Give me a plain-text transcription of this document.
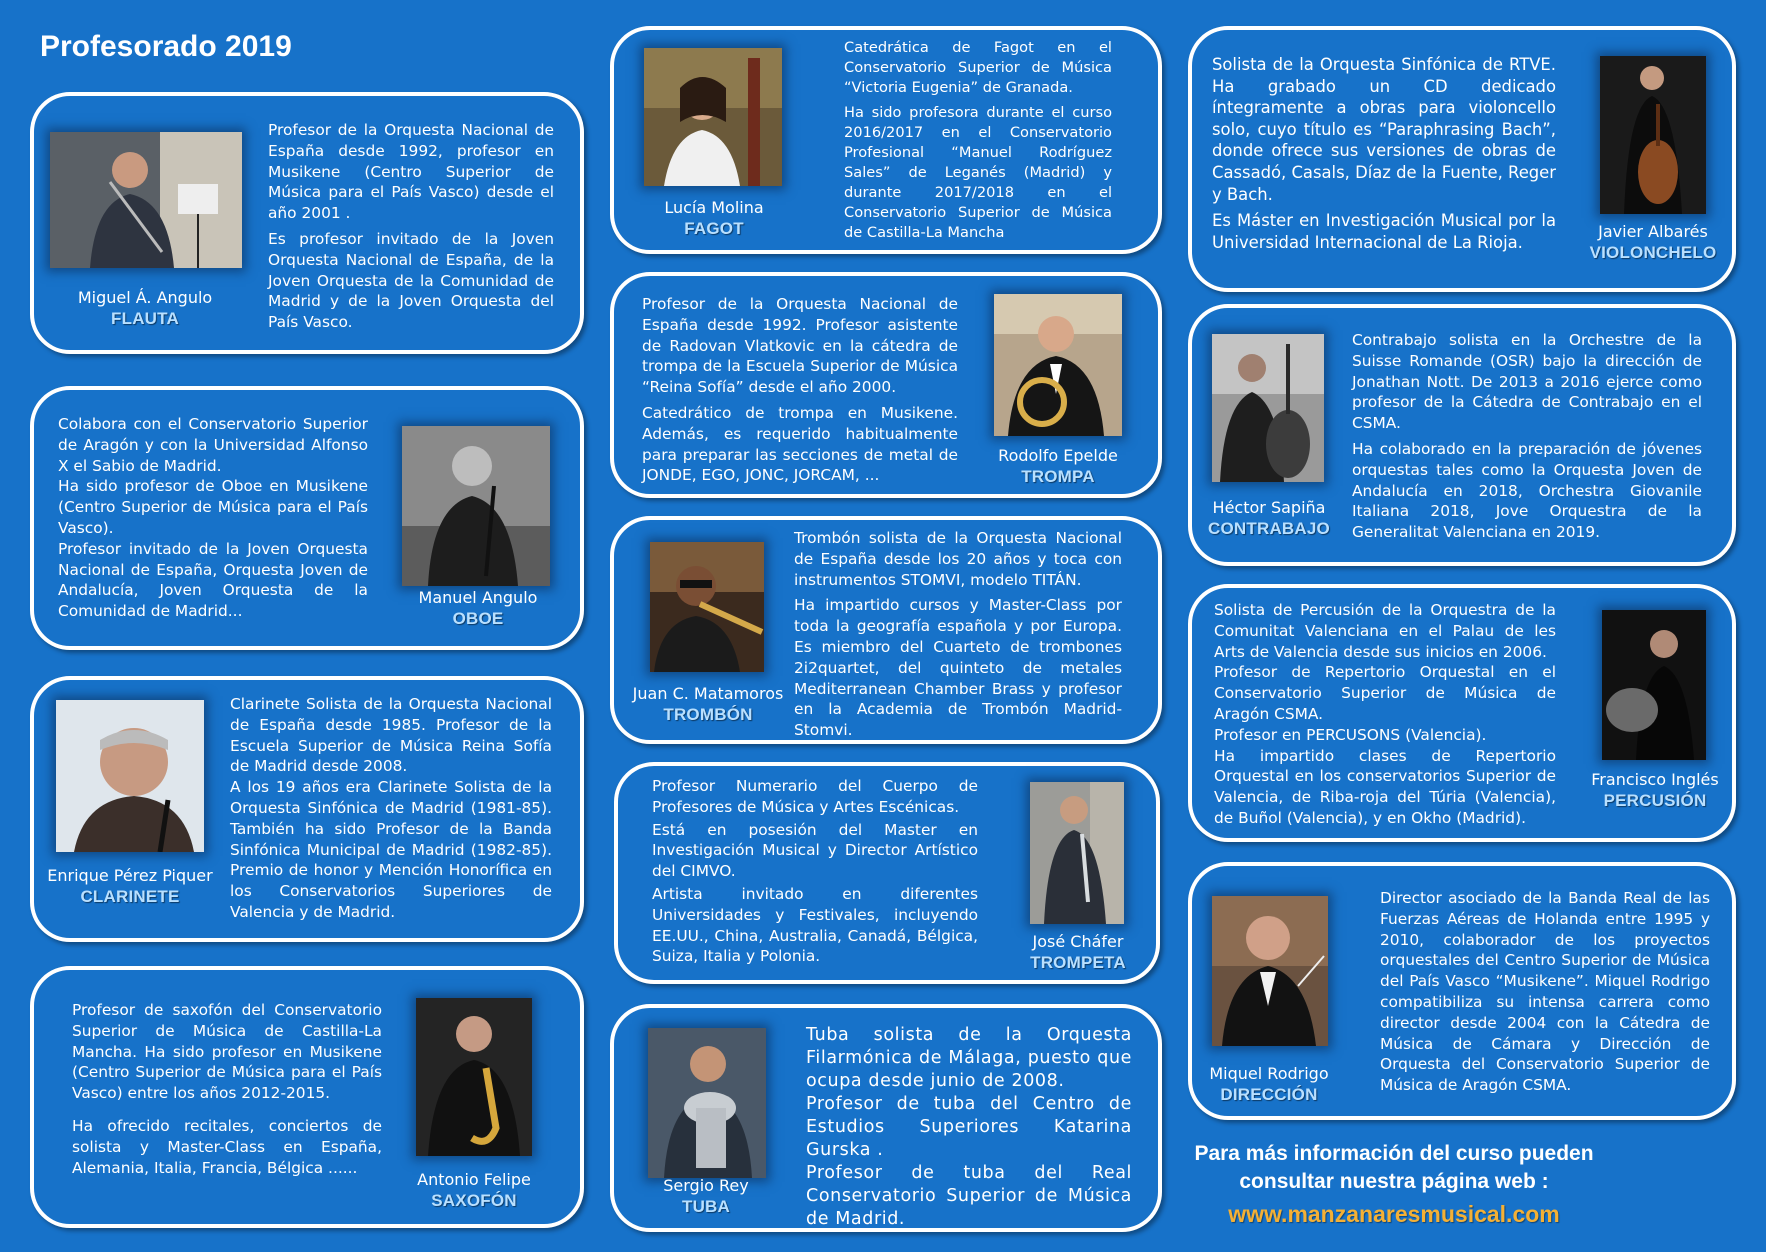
Profesorado 2019
Miguel Á. Angulo
FLAUTA

Profesor de la Orquesta Nacional de España desde 1992, profesor en Musikene (Centro Superior de Música para el País Vasco) desde el año 2001 .

Es profesor invitado de la Joven Orquesta Nacional de España, de la Joven Orquesta de la Comunidad de Madrid y de la Joven Orquesta del País Vasco.

Colabora con el Conservatorio Superior de Aragón y con la Universidad Alfonso X el Sabio de Madrid.

Ha sido profesor de Oboe en Musikene (Centro Superior de Música para el País Vasco).

Profesor invitado de la Joven Orquesta Nacional de España, Orquesta Joven de Andalucía, Joven Orquesta de la Comunidad de Madrid...

Manuel Angulo
OBOE
Enrique Pérez Piquer
CLARINETE

Clarinete Solista de la Orquesta Nacional de España desde 1985. Profesor de la Escuela Superior de Música Reina Sofía de Madrid desde 2008.

A los 19 años era Clarinete Solista de la Orquesta Sinfónica de Madrid (1981-85). También ha sido Profesor de la Banda Sinfónica Municipal de Madrid (1982-85). Premio de honor y Mención Honorífica en los Conservatorios Superiores de Valencia y de Madrid.

Profesor de saxofón del Conservatorio Superior de Música de Castilla-La Mancha. Ha sido profesor en Musikene (Centro Superior de Música para el País Vasco) entre los años 2012-2015.

Ha ofrecido recitales, conciertos de solista y Master-Class en España, Alemania, Italia, Francia, Bélgica ......

Antonio Felipe
SAXOFÓN
Lucía Molina
FAGOT

Catedrática de Fagot en el Conservatorio Superior de Música “Victoria Eugenia” de Granada.

Ha sido profesora durante el curso 2016/2017 en el Conservatorio Profesional “Manuel Rodríguez Sales” de Leganés (Madrid) y durante 2017/2018 en el Conservatorio Superior de Música de Castilla-La Mancha

Profesor de la Orquesta Nacional de España desde 1992. Profesor asistente de Radovan Vlatkovic en la cátedra de trompa de la Escuela Superior de Música “Reina Sofía” desde el año 2000.

Catedrático de trompa en Musikene. Además, es requerido habitualmente para preparar las secciones de metal de JONDE, EGO, JONC, JORCAM, ...

Rodolfo Epelde
TROMPA
Juan C. Matamoros
TROMBÓN

Trombón solista de la Orquesta Nacional de España desde los 20 años y toca con instrumentos STOMVI, modelo TITÁN.

Ha impartido cursos y Master-Class por toda la geografía española y por Europa. Es miembro del Cuarteto de trombones 2i2quartet, del quinteto de metales Mediterranean Chamber Brass y profesor en la Academia de Trombón Madrid-Stomvi.

Profesor Numerario del Cuerpo de Profesores de Música y Artes Escénicas.

Está en posesión del Master en Investigación Musical y Director Artístico del CIMVO.

Artista invitado en diferentes Universidades y Festivales, incluyendo EE.UU., China, Australia, Canadá, Bélgica, Suiza, Italia y Polonia.

José Cháfer
TROMPETA
Sergio Rey
TUBA

Tuba solista de la Orquesta Filarmónica de Málaga, puesto que ocupa desde junio de 2008.

Profesor de tuba del Centro de Estudios Superiores Katarina Gurska .

Profesor de tuba del Real Conservatorio Superior de Música de Madrid.

Solista de la Orquesta Sinfónica de RTVE. Ha grabado un CD dedicado íntegramente a obras para violoncello solo, cuyo título es “Paraphrasing Bach”, donde ofrece sus versiones de obras de Cassadó, Casals, Díaz de la Fuente, Reger y Bach.

Es Máster en Investigación Musical por la Universidad Internacional de La Rioja.

Javier Albarés
VIOLONCHELO
Héctor Sapiña
CONTRABAJO

Contrabajo solista en la Orchestre de la Suisse Romande (OSR) bajo la dirección de Jonathan Nott. De 2013 a 2016 ejerce como profesor de la Cátedra de Contrabajo en el CSMA.

Ha colaborado en la preparación de jóvenes orquestas tales como la Orquesta Joven de Andalucía en 2018, Orchestra Giovanile Italiana 2018, Jove Orquestra de la Generalitat Valenciana en 2019.

Solista de Percusión de la Orquestra de la Comunitat Valenciana en el Palau de les Arts de Valencia desde sus inicios en 2006.

Profesor de Repertorio Orquestal en el Conservatorio Superior de Música de Aragón CSMA.

Profesor en PERCUSONS (Valencia).

Ha impartido clases de Repertorio Orquestal en los conservatorios Superior de Valencia, de Riba-roja del Túria (Valencia), de Buñol (Valencia), y en Okho (Madrid).

Francisco Inglés
PERCUSIÓN
Miquel Rodrigo
DIRECCIÓN

Director asociado de la Banda Real de las Fuerzas Aéreas de Holanda entre 1995 y 2010, colaborador de los proyectos orquestales del Centro Superior de Música del País Vasco “Musikene”. Miquel Rodrigo compatibiliza su intensa carrera como director desde 2004 con la Cátedra de Música de Cámara y Dirección de Orquesta del Conservatorio Superior de Música de Aragón CSMA.

Para más información del curso pueden consultar nuestra página web :
www.manzanaresmusical.com
